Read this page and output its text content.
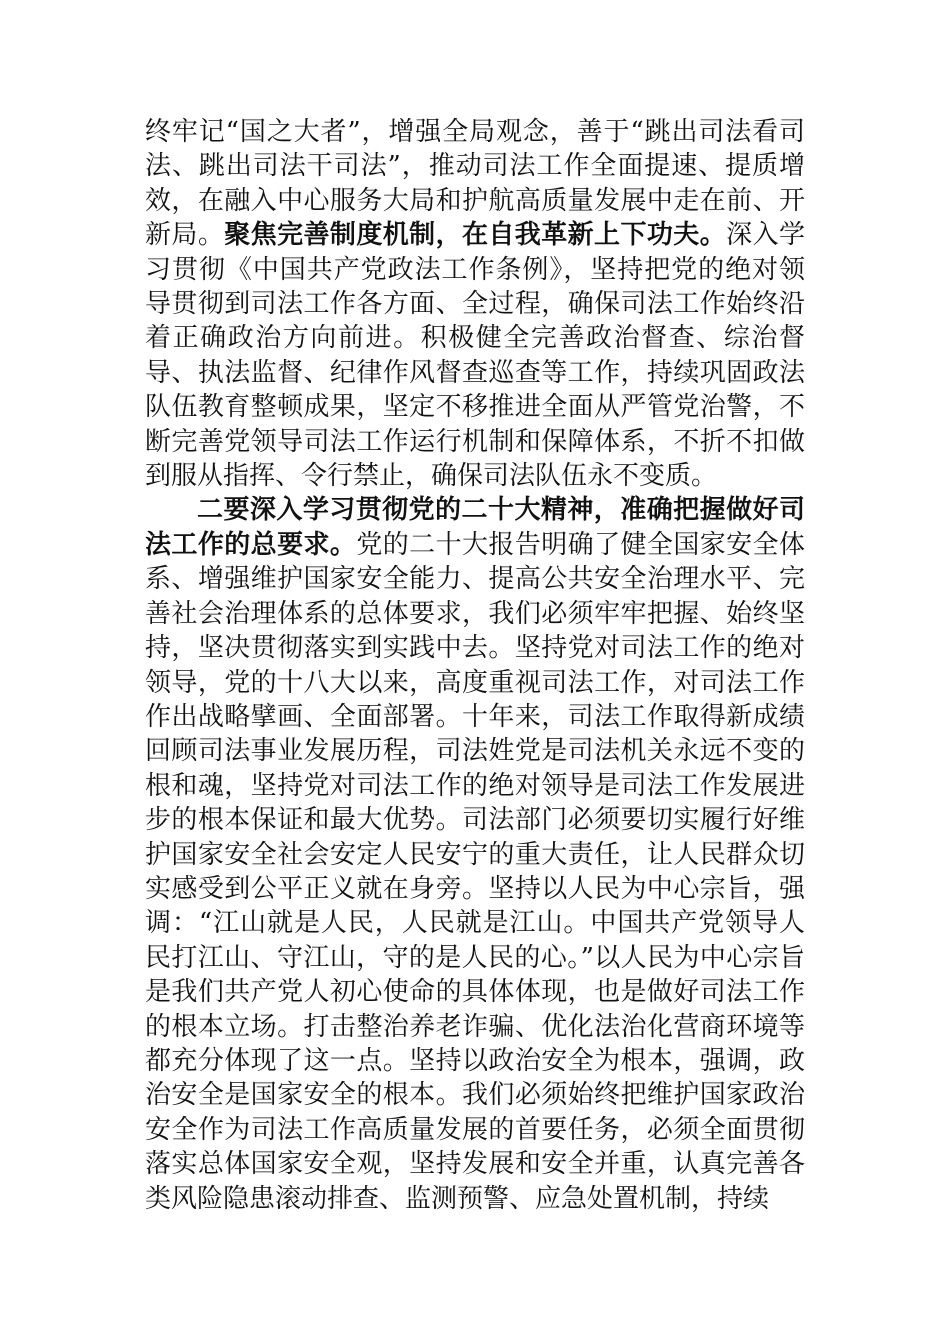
终牢记“国之大者”，增强全局观念，善于“跳出司法看司法、跳出司法干司法”，推动司法工作全面提速、提质增效，在融入中心服务大局和护航高质量发展中走在前、开新局。聚焦完善制度机制，在自我革新上下功夫。深入学习贯彻《中国共产党政法工作条例》，坚持把党的绝对领导贯彻到司法工作各方面、全过程，确保司法工作始终沿着正确政治方向前进。积极健全完善政治督查、综治督导、执法监督、纪律作风督查巡查等工作，持续巩固政法队伍教育整顿成果，坚定不移推进全面从严管党治警，不断完善党领导司法工作运行机制和保障体系，不折不扣做到服从指挥、令行禁止，确保司法队伍永不变质。

二要深入学习贯彻党的二十大精神，准确把握做好司法工作的总要求。党的二十大报告明确了健全国家安全体系、增强维护国家安全能力、提高公共安全治理水平、完善社会治理体系的总体要求，我们必须牢牢把握、始终坚持，坚决贯彻落实到实践中去。坚持党对司法工作的绝对领导，党的十八大以来，高度重视司法工作，对司法工作作出战略擘画、全面部署。十年来，司法工作取得新成绩回顾司法事业发展历程，司法姓党是司法机关永远不变的根和魂，坚持党对司法工作的绝对领导是司法工作发展进步的根本保证和最大优势。司法部门必须要切实履行好维护国家安全社会安定人民安宁的重大责任，让人民群众切实感受到公平正义就在身旁。坚持以人民为中心宗旨，强调：“江山就是人民，人民就是江山。中国共产党领导人民打江山、守江山，守的是人民的心。”以人民为中心宗旨是我们共产党人初心使命的具体体现，也是做好司法工作的根本立场。打击整治养老诈骗、优化法治化营商环境等都充分体现了这一点。坚持以政治安全为根本，强调，政治安全是国家安全的根本。我们必须始终把维护国家政治安全作为司法工作高质量发展的首要任务，必须全面贯彻落实总体国家安全观，坚持发展和安全并重，认真完善各类风险隐患滚动排查、监测预警、应急处置机制，持续
